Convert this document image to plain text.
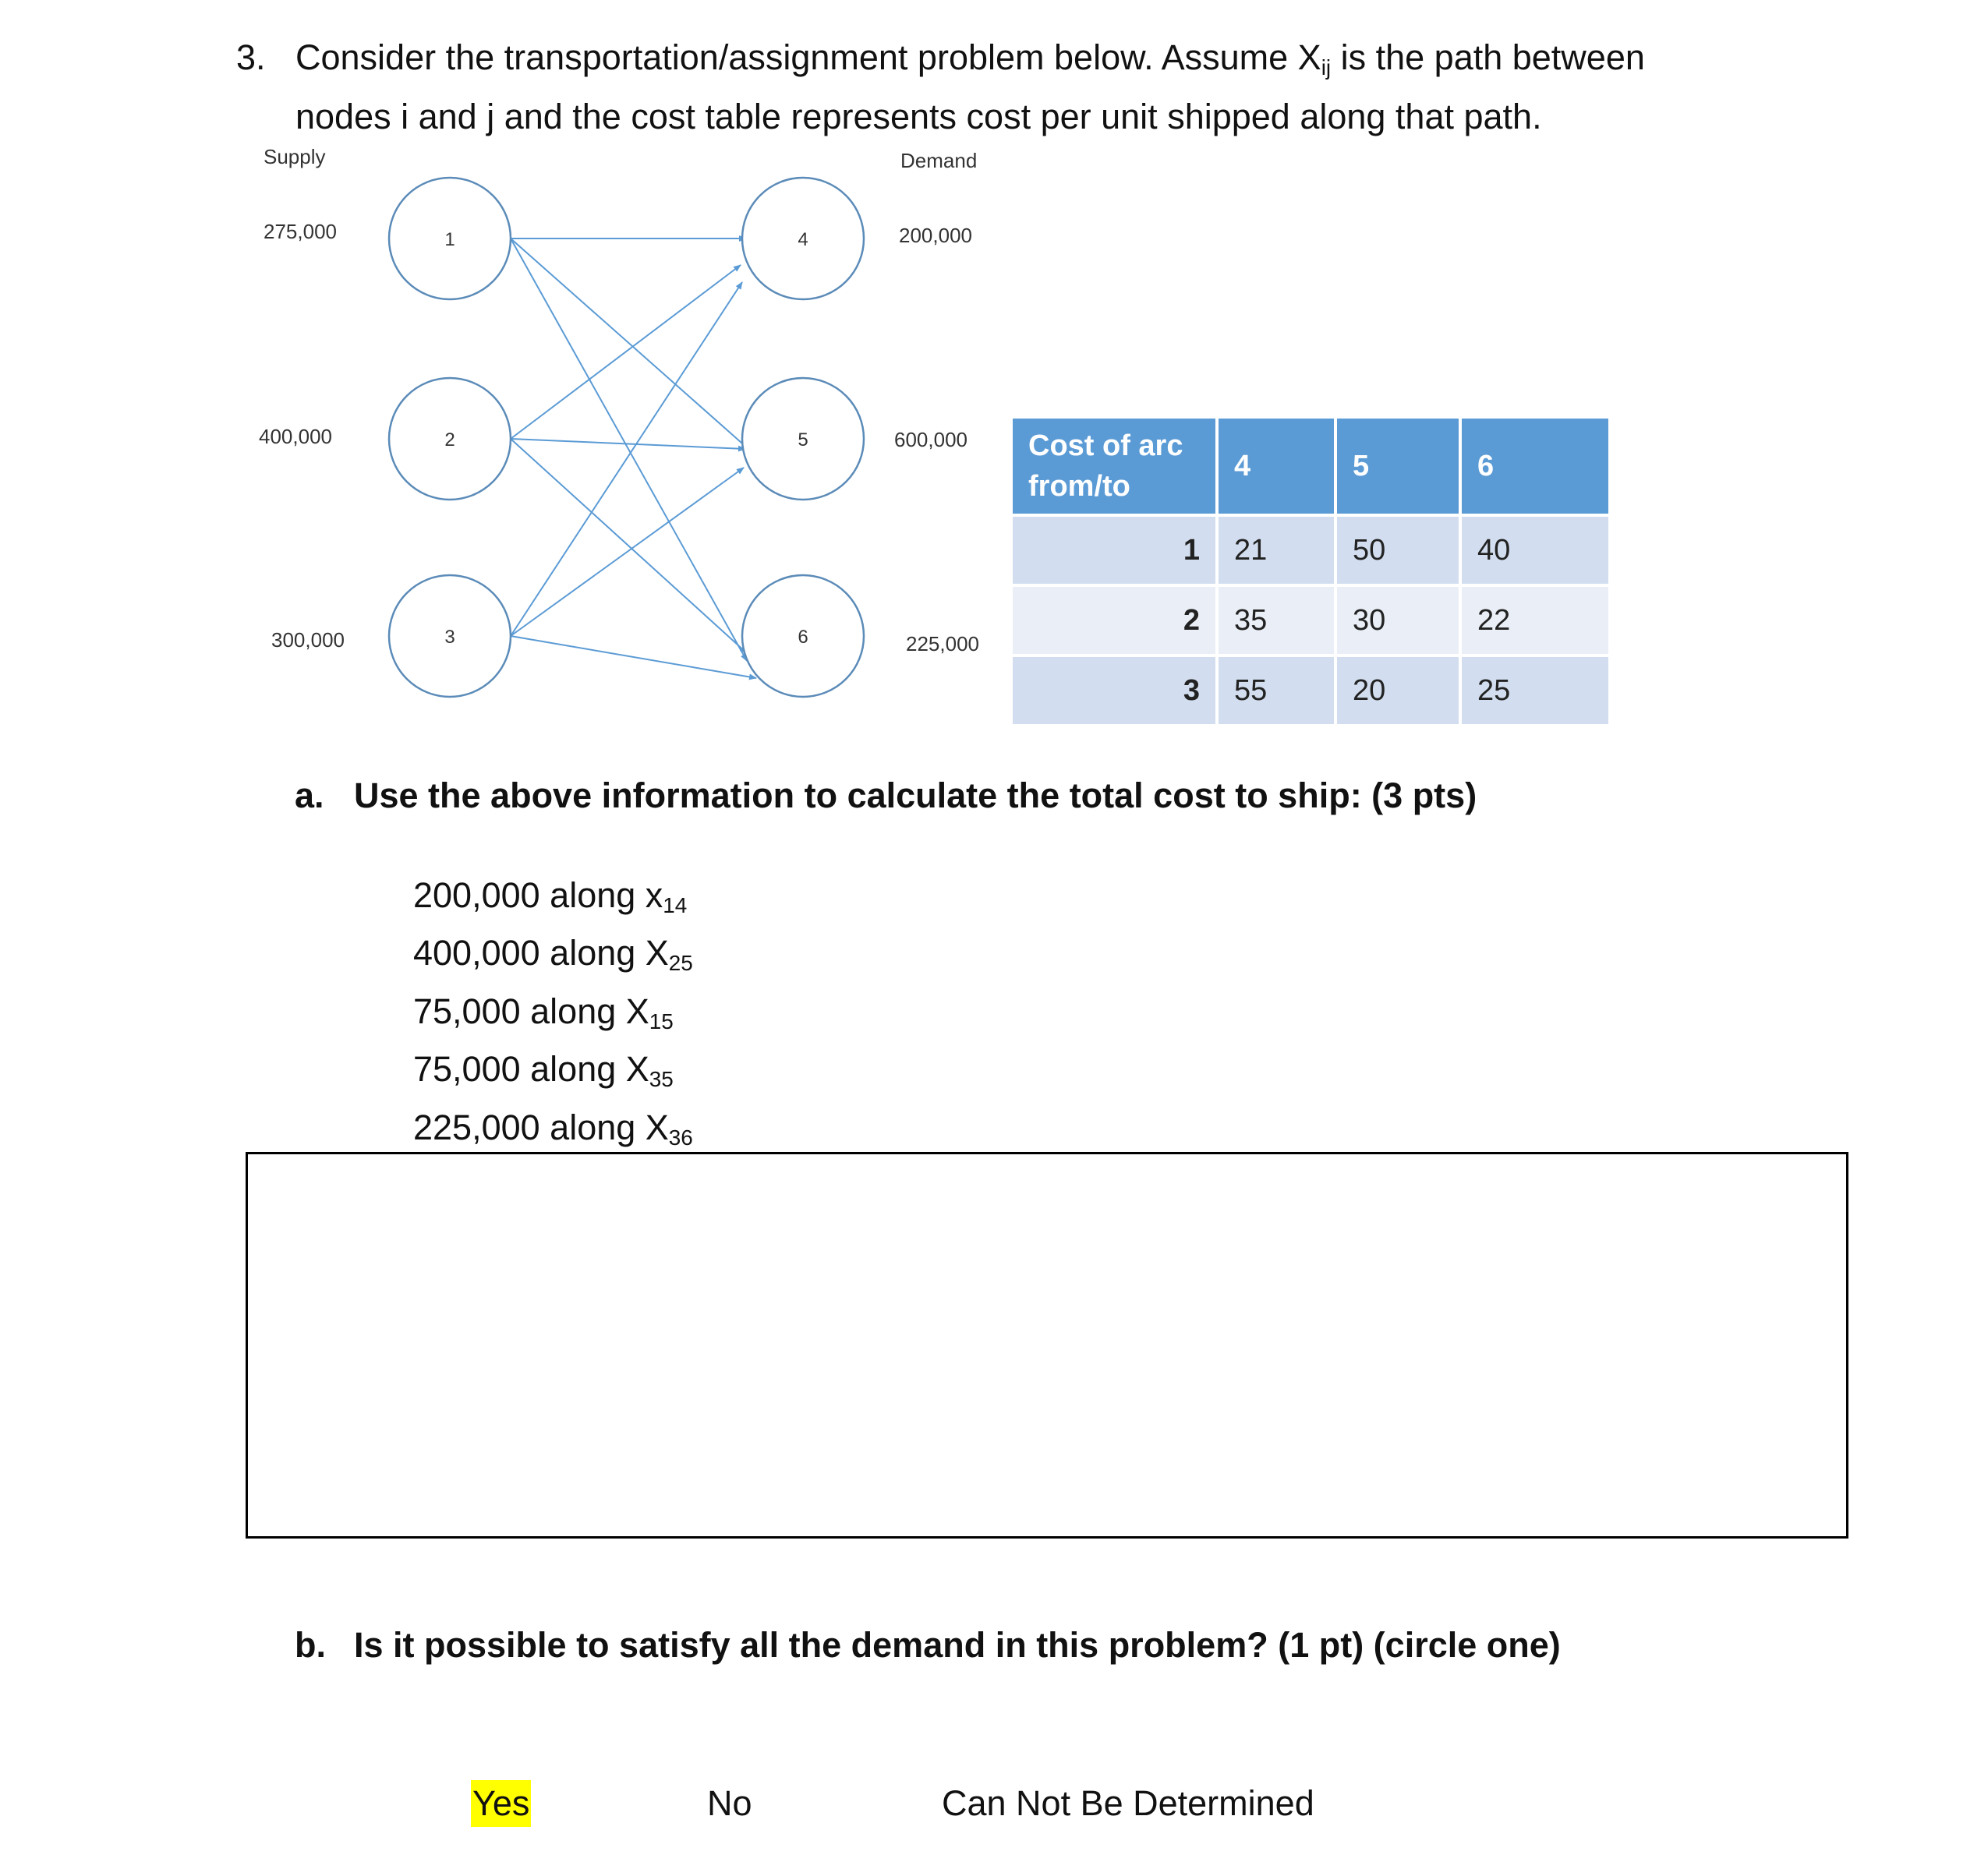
3. Consider the transportation/assignment problem below. Assume $X_{ij}$ is the path between
nodes i and j and the cost table represents cost per unit shipped along that path.
Supply	Demand
275,000
400,000
300,000
200,000
600,000
225,000
1
2
3
4
5
6
Cost of arc
from/to	4	5	6
1	21	50	40
2	35	30	22
3	55	20	25
a. Use the above information to calculate the total cost to ship: (3 pts)
200,000 along $x_{14}$
400,000 along $X_{25}$
75,000 along $X_{15}$
75,000 along $X_{35}$
225,000 along $X_{36}$
b. Is it possible to satisfy all the demand in this problem? (1 pt) (circle one)
Yes	No	Can Not Be Determined
